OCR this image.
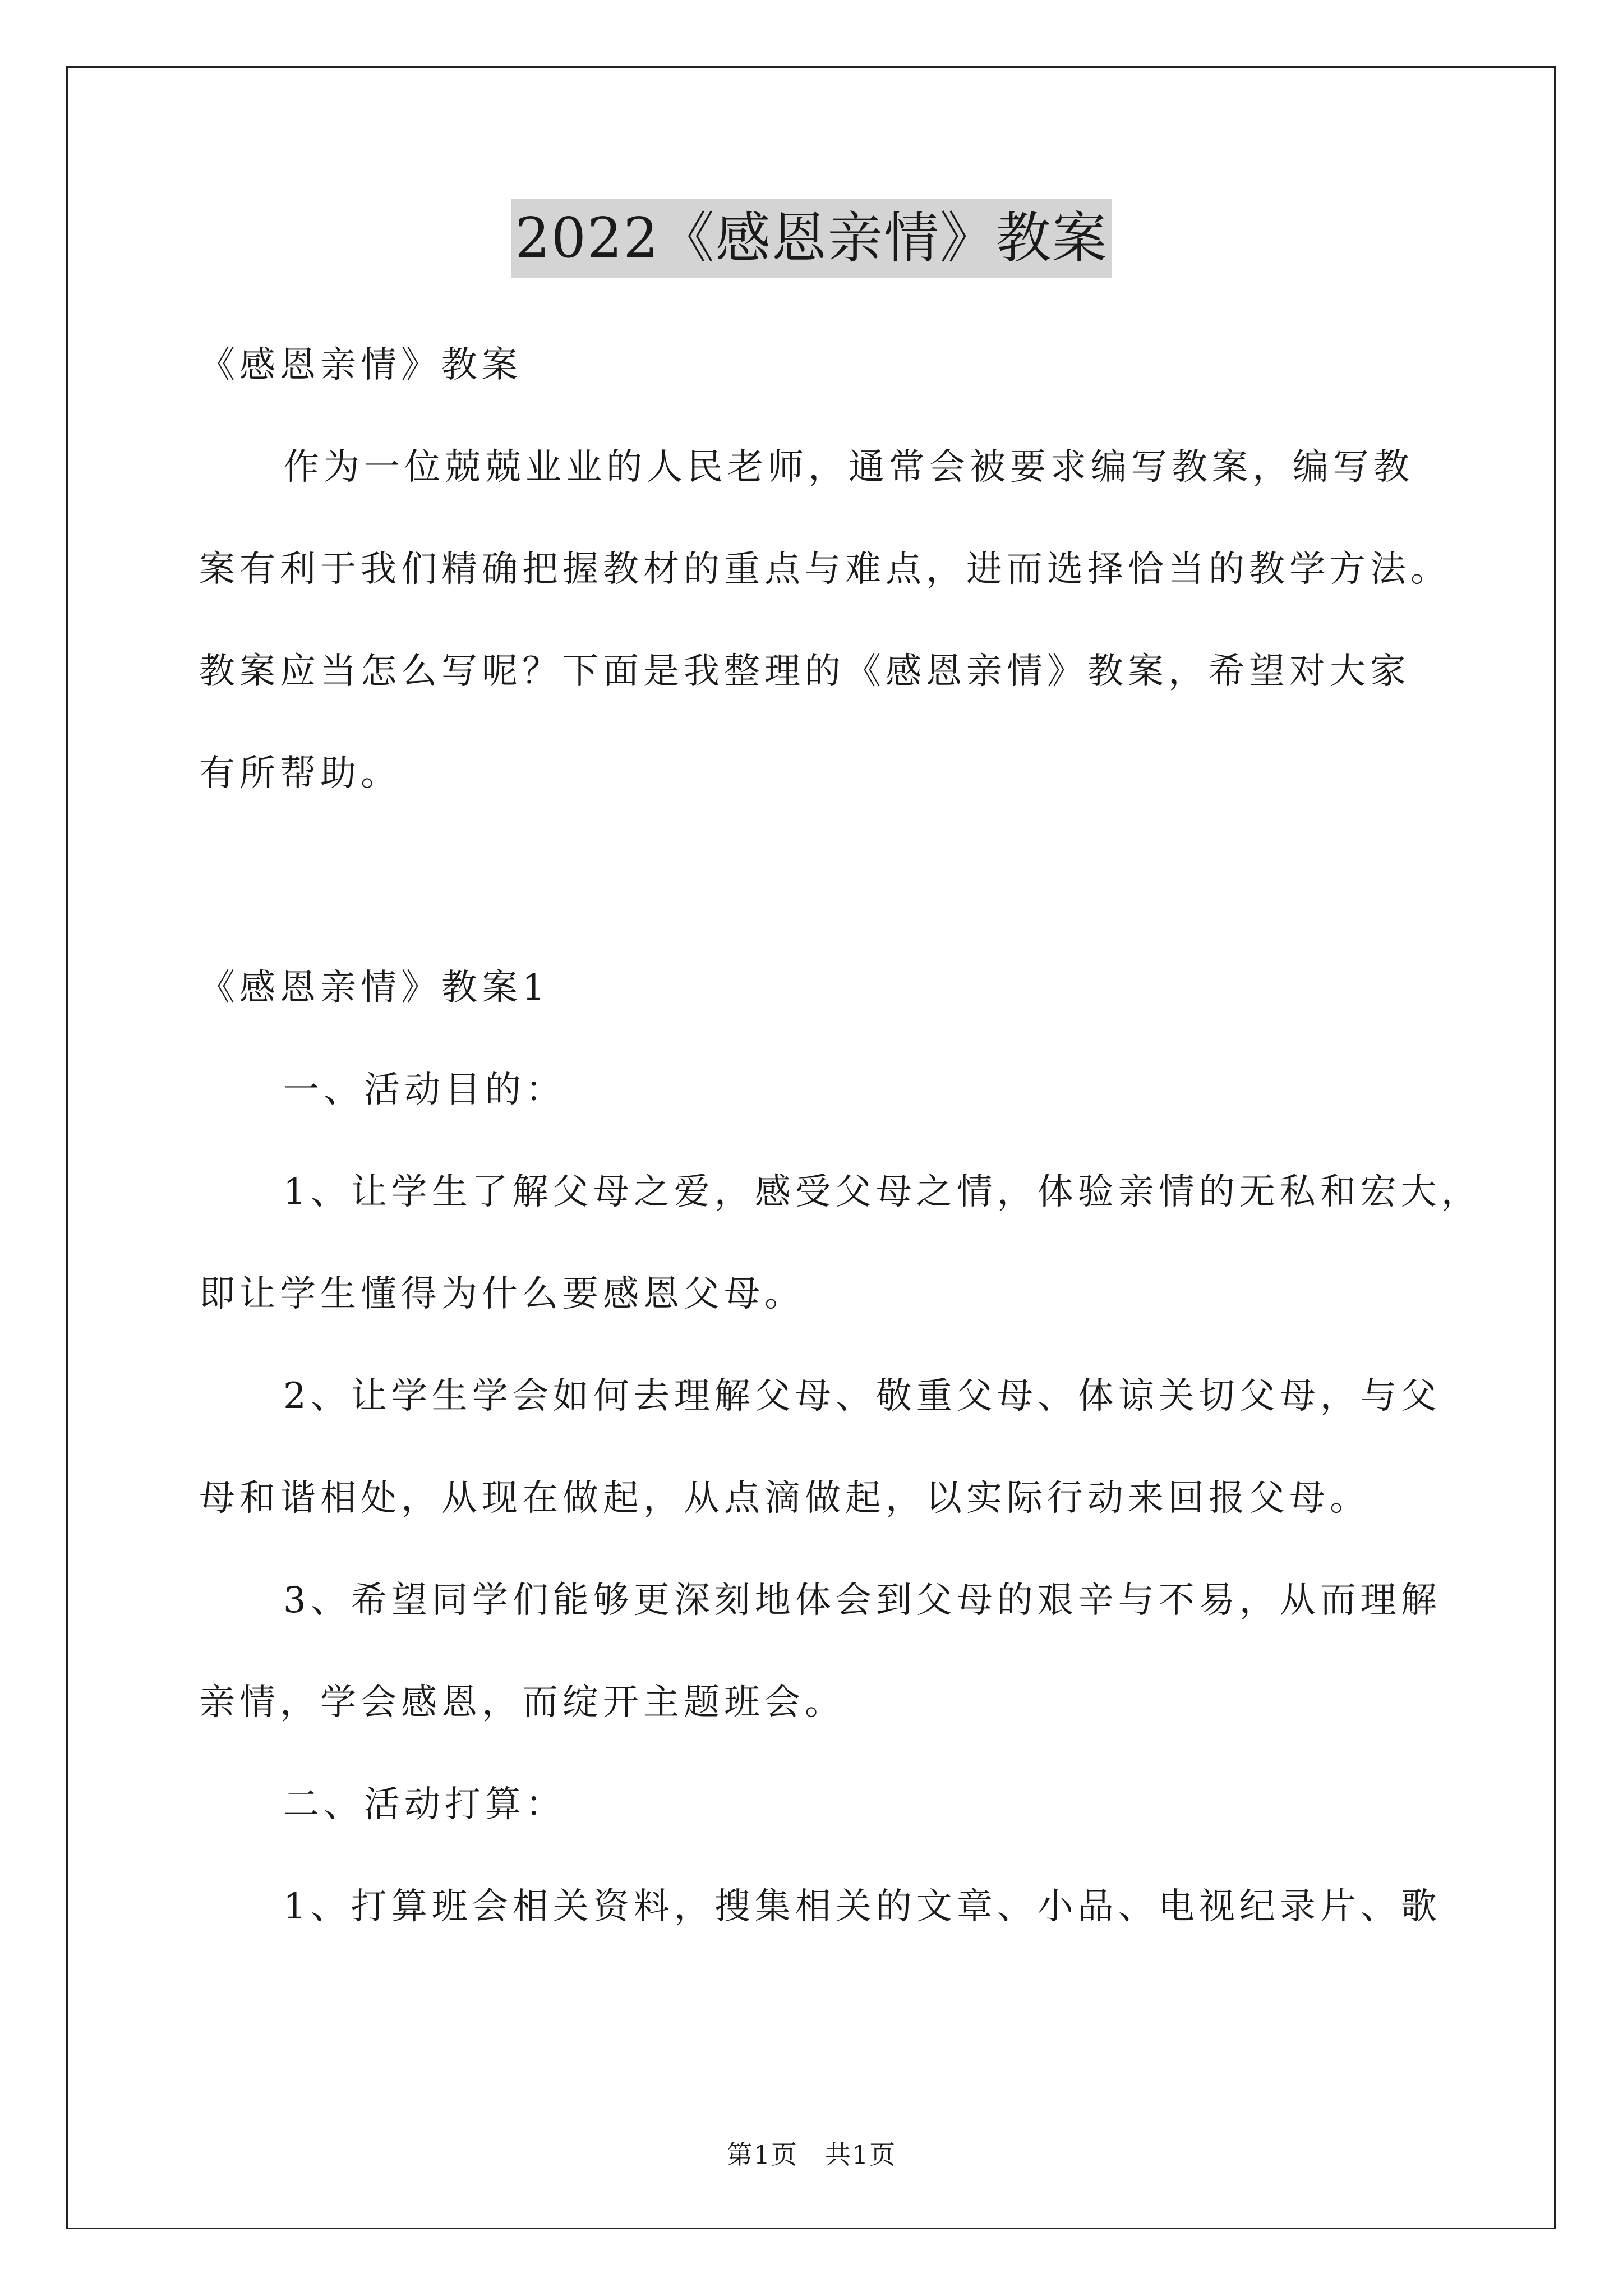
2022《感恩亲情》教案
《感恩亲情》教案
作为一位兢兢业业的人民老师，通常会被要求编写教案，编写教
案有利于我们精确把握教材的重点与难点，进而选择恰当的教学方法。
教案应当怎么写呢？下面是我整理的《感恩亲情》教案，希望对大家
有所帮助。
《感恩亲情》教案1
一、活动目的：
1、让学生了解父母之爱，感受父母之情，体验亲情的无私和宏大，
即让学生懂得为什么要感恩父母。
2、让学生学会如何去理解父母、敬重父母、体谅关切父母，与父
母和谐相处，从现在做起，从点滴做起，以实际行动来回报父母。
3、希望同学们能够更深刻地体会到父母的艰辛与不易，从而理解
亲情，学会感恩，而绽开主题班会。
二、活动打算：
1、打算班会相关资料，搜集相关的文章、小品、电视纪录片、歌
第1页　共1页
